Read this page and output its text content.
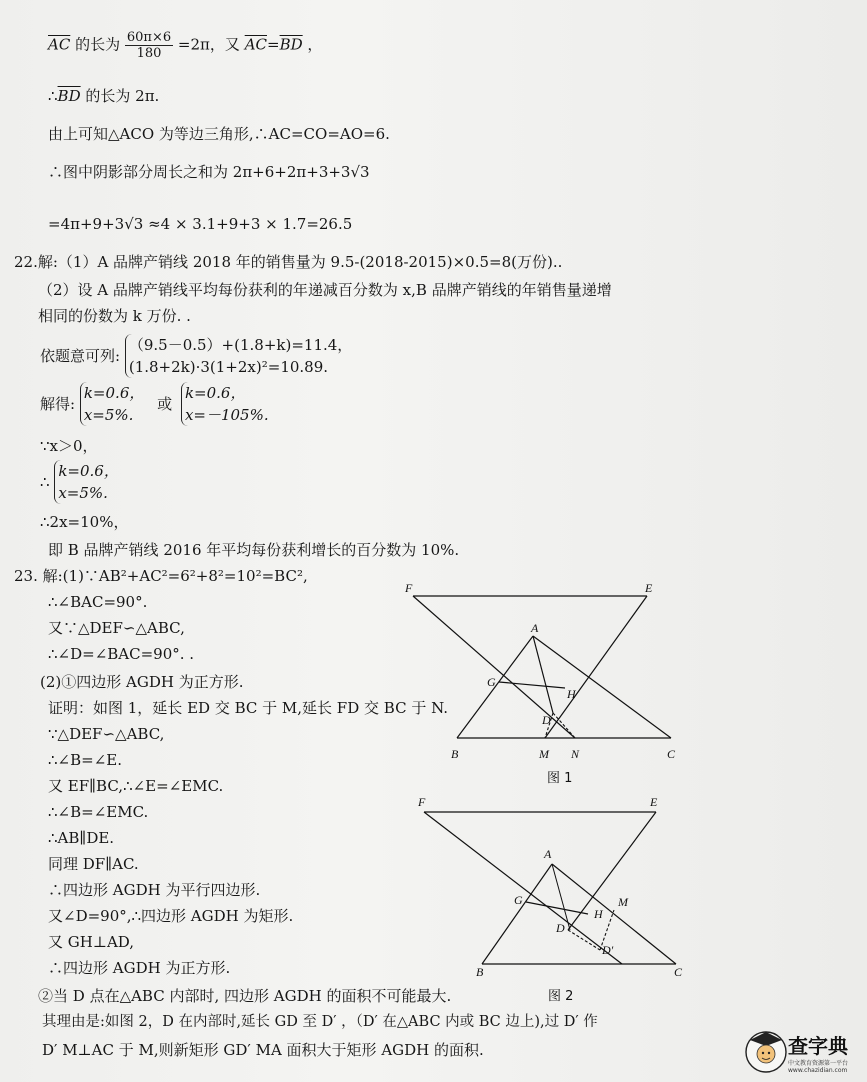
$\overline{AC}$ 的长为 $\frac{60\pi\times 6}{180} =2\pi$，又 $\overline{AC}=\overline{BD}$ ，
$\therefore\overline{BD}$ 的长为 2π.
由上可知△ACO 为等边三角形,∴AC=CO=AO=6.
∴图中阴影部分周长之和为 2π+6+2π+3+3√3
=4π+9+3√3 ≈4 × 3.1+9+3 × 1.7=26.5
22.解:（1）A 品牌产销线 2018 年的销售量为 9.5-(2018-2015)×0.5=8(万份)..
（2）设 A 品牌产销线平均每份获利的年递减百分数为 x,B 品牌产销线的年销售量递增
相同的份数为 k 万份. .
依题意可列:
（9.5－0.5）+(1.8+k)=11.4，
(1.8+2k)·3(1+2x)²=10.89.
解得:
k=0.6，
x=5%.
或
k=0.6，
x=－105%.
∵x＞0，
∴
k=0.6，
x=5%.
∴2x=10%，
即 B 品牌产销线 2016 年平均每份获利增长的百分数为 10%.
23. 解:(1)∵AB²+AC²=6²+8²=10²=BC²,
∴∠BAC=90°.
又∵△DEF∽△ABC,
∴∠D=∠BAC=90°. .
(2)①四边形 AGDH 为正方形.
证明：如图 1，延长 ED 交 BC 于 M,延长 FD 交 BC 于 N.
∵△DEF∽△ABC,
∴∠B=∠E.
又 EF∥BC,∴∠E=∠EMC.
∴∠B=∠EMC.
∴AB∥DE.
同理 DF∥AC.
∴四边形 AGDH 为平行四边形.
又∠D=90°,∴四边形 AGDH 为矩形.
又 GH⊥AD,
∴四边形 AGDH 为正方形.
②当 D 点在△ABC 内部时, 四边形 AGDH 的面积不可能最大.
其理由是:如图 2，D 在内部时,延长 GD 至 D′ ，（D′ 在△ABC 内或 BC 边上),过 D′ 作
D′ M⊥AC 于 M,则新矩形 GD′ MA 面积大于矩形 AGDH 的面积.
F	E
A
G
H
D
B	M N	C
图 1
F	E
A
G
H
M
D
D′
B	C
图 2
查字典
中文教育资源第一平台 www.chazidian.com
